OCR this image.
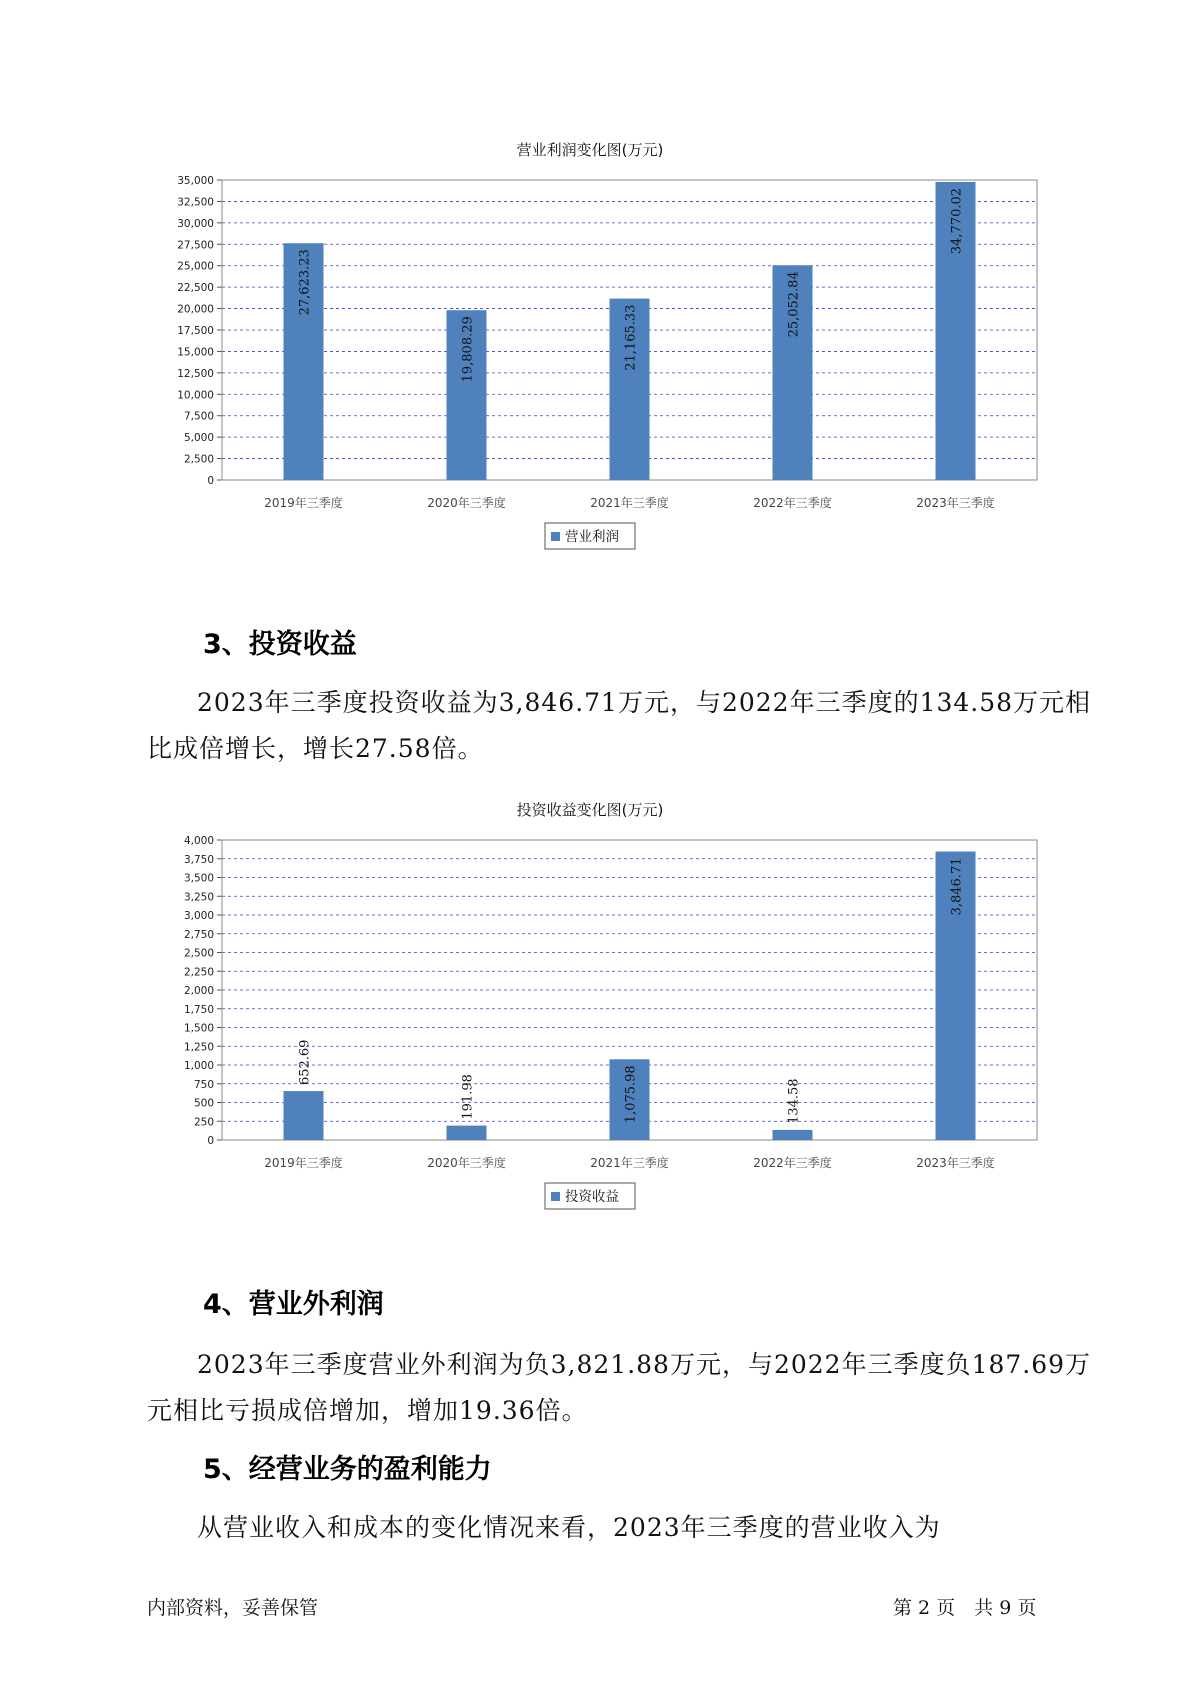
营业利润变化图(万元)
0
2,500
5,000
7,500
10,000
12,500
15,000
17,500
20,000
22,500
25,000
27,500
30,000
32,500
35,000
2019年三季度
27,623.23
2020年三季度
19,808.29
2021年三季度
21,165.33
2022年三季度
25,052.84
2023年三季度
34,770.02
营业利润
3、投资收益

2023年三季度投资收益为3,846.71万元，与2022年三季度的134.58万元相比成倍增长，增长27.58倍。

投资收益变化图(万元)
0
250
500
750
1,000
1,250
1,500
1,750
2,000
2,250
2,500
2,750
3,000
3,250
3,500
3,750
4,000
2019年三季度
652.69
2020年三季度
191.98
2021年三季度
1,075.98
2022年三季度
134.58
2023年三季度
3,846.71
投资收益
4、营业外利润

2023年三季度营业外利润为负3,821.88万元，与2022年三季度负187.69万元相比亏损成倍增加，增加19.36倍。

5、经营业务的盈利能力

从营业收入和成本的变化情况来看，2023年三季度的营业收入为

内部资料，妥善保管	第 2 页　共 9 页
